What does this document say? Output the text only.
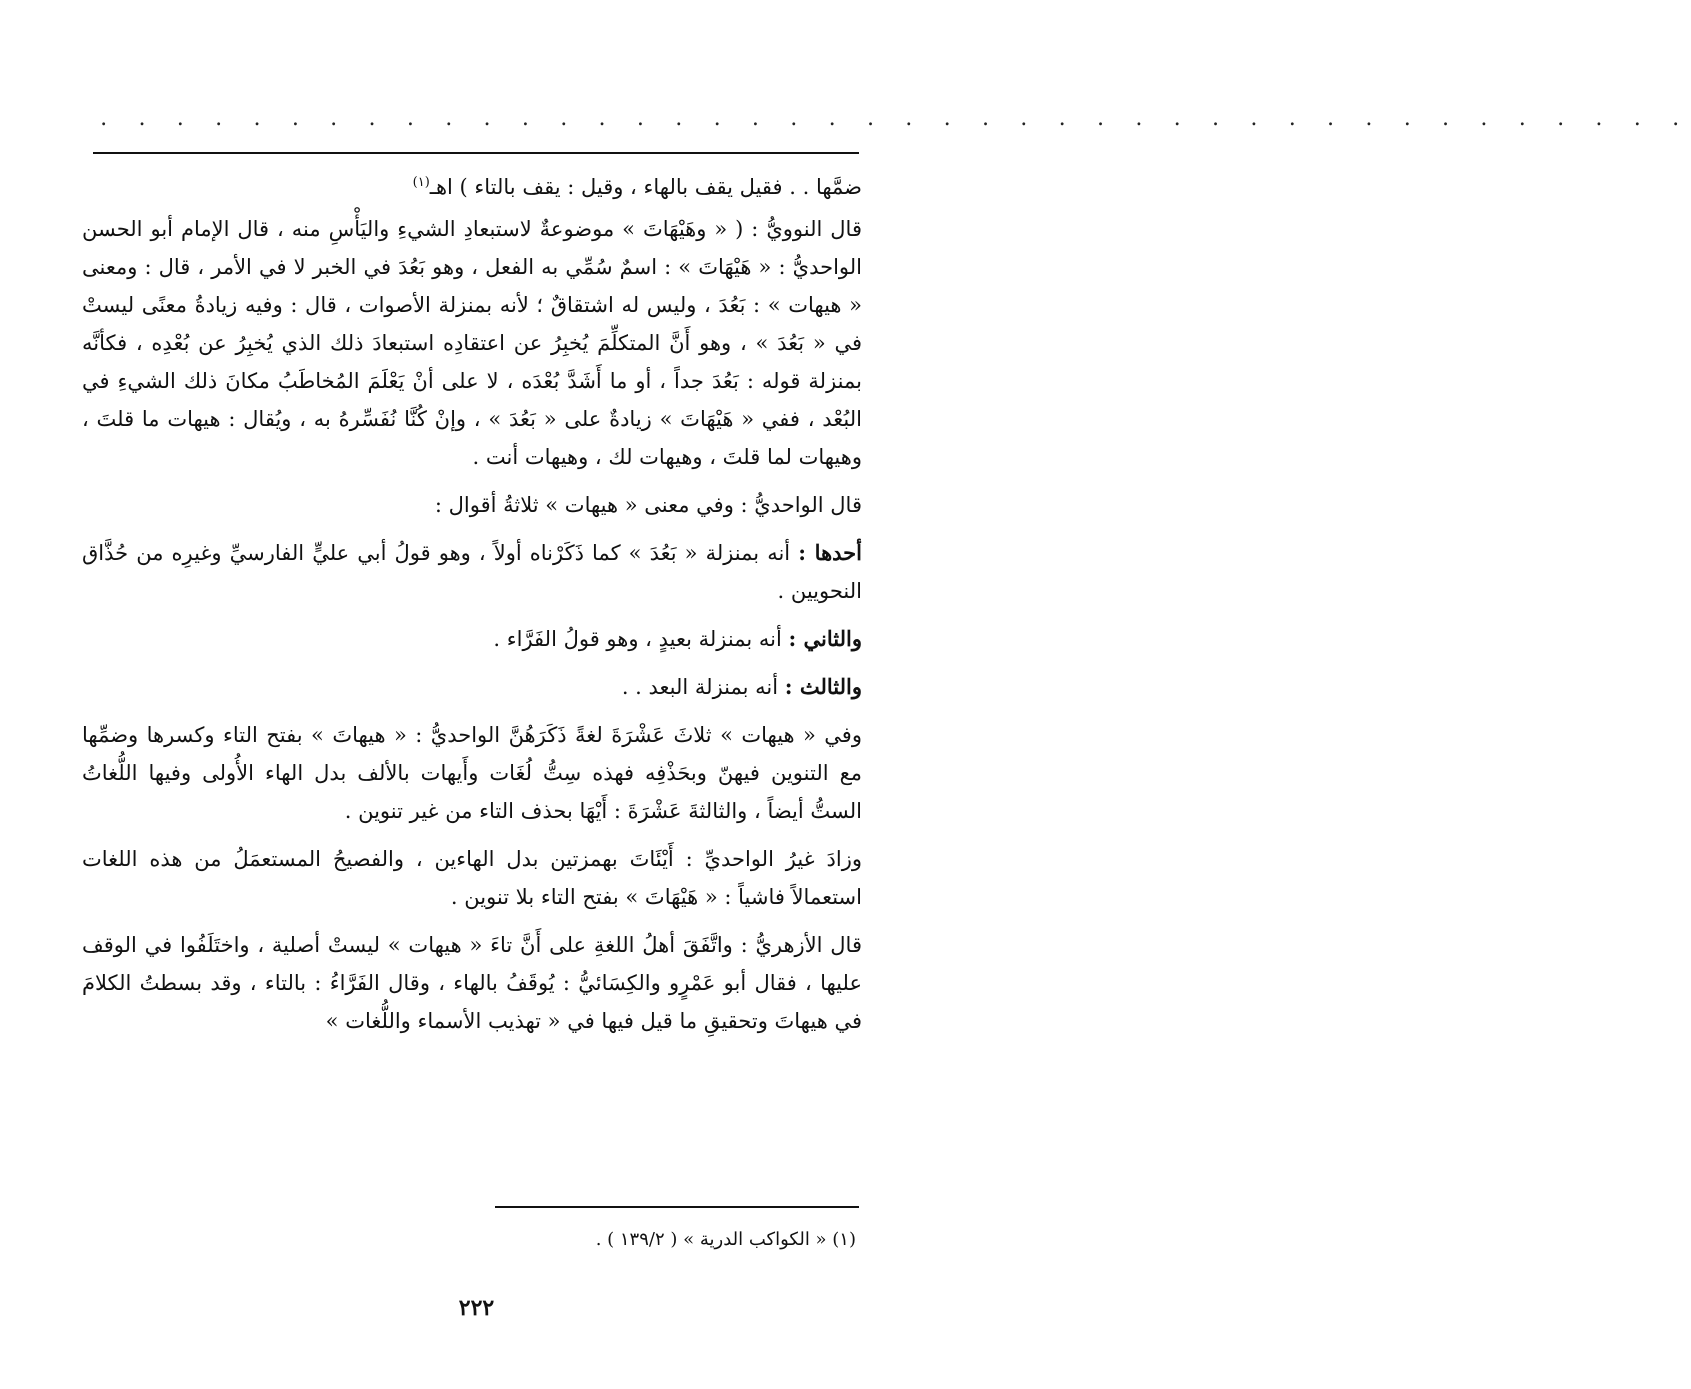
․ ․ ․ ․ ․ ․ ․ ․ ․ ․ ․ ․ ․ ․ ․ ․ ․ ․ ․ ․ ․ ․ ․ ․ ․ ․ ․ ․ ․ ․ ․ ․ ․ ․ ․ ․ ․ ․ ․ ․ ․ ․

ضمَّها . . فقيل يقف بالهاء ، وقيل : يقف بالتاء ) اهـ$^{(١)}$

قال النوويُّ : ( « وهَيْهَاتَ » موضوعةٌ لاستبعادِ الشيءِ واليَأْسِ منه ، قال الإمام أبو الحسن الواحديُّ : « هَيْهَاتَ » : اسمٌ سُمِّي به الفعل ، وهو بَعُدَ في الخبر لا في الأمر ، قال : ومعنى « هيهات » : بَعُدَ ، وليس له اشتقاقٌ ؛ لأنه بمنزلة الأصوات ، قال : وفيه زيادةُ معنًى ليستْ في « بَعُدَ » ، وهو أَنَّ المتكلِّمَ يُخبِرُ عن اعتقادِه استبعادَ ذلك الذي يُخبِرُ عن بُعْدِه ، فكأنَّه بمنزلة قوله : بَعُدَ جداً ، أو ما أَشَدَّ بُعْدَه ، لا على أنْ يَعْلَمَ المُخاطَبُ مكانَ ذلك الشيءِ في البُعْد ، ففي « هَيْهَاتَ » زيادةٌ على « بَعُدَ » ، وإنْ كُنَّا نُفَسِّرهُ به ، ويُقال : هيهات ما قلتَ ، وهيهات لما قلتَ ، وهيهات لك ، وهيهات أنت .

قال الواحديُّ : وفي معنى « هيهات » ثلاثةُ أقوال :

أحدها : أنه بمنزلة « بَعُدَ » كما ذَكَرْناه أولاً ، وهو قولُ أبي عليٍّ الفارسيِّ وغيرِه من حُذَّاق النحويين .

والثاني : أنه بمنزلة بعيدٍ ، وهو قولُ الفَرَّاء .

والثالث : أنه بمنزلة البعد . .

وفي « هيهات » ثلاثَ عَشْرَةَ لغةً ذَكَرَهُنَّ الواحديُّ : « هيهاتَ » بفتح التاء وكسرها وضمِّها مع التنوين فيهنّ وبحَذْفِه فهذه سِتُّ لُغَات وأَيهات بالألف بدل الهاء الأُولى وفيها اللُّغاتُ الستُّ أيضاً ، والثالثةَ عَشْرَةَ : أَيْهَا بحذف التاء من غير تنوين .

وزادَ غيرُ الواحديِّ : أَيْئَاتَ بهمزتين بدل الهاءين ، والفصيحُ المستعمَلُ من هذه اللغات استعمالاً فاشياً : « هَيْهَاتَ » بفتح التاء بلا تنوين .

قال الأزهريُّ : واتَّفَقَ أهلُ اللغةِ على أَنَّ تاءَ « هيهات » ليستْ أصلية ، واختَلَفُوا في الوقف عليها ، فقال أبو عَمْرٍو والكِسَائيُّ : يُوقَفُ بالهاء ، وقال الفَرَّاءُ : بالتاء ، وقد بسطتُ الكلامَ في هيهاتَ وتحقيقِ ما قيل فيها في « تهذيب الأسماء واللُّغات »

(١) « الكواكب الدرية » ( ١٣٩/٢ ) .
٢٢٢
